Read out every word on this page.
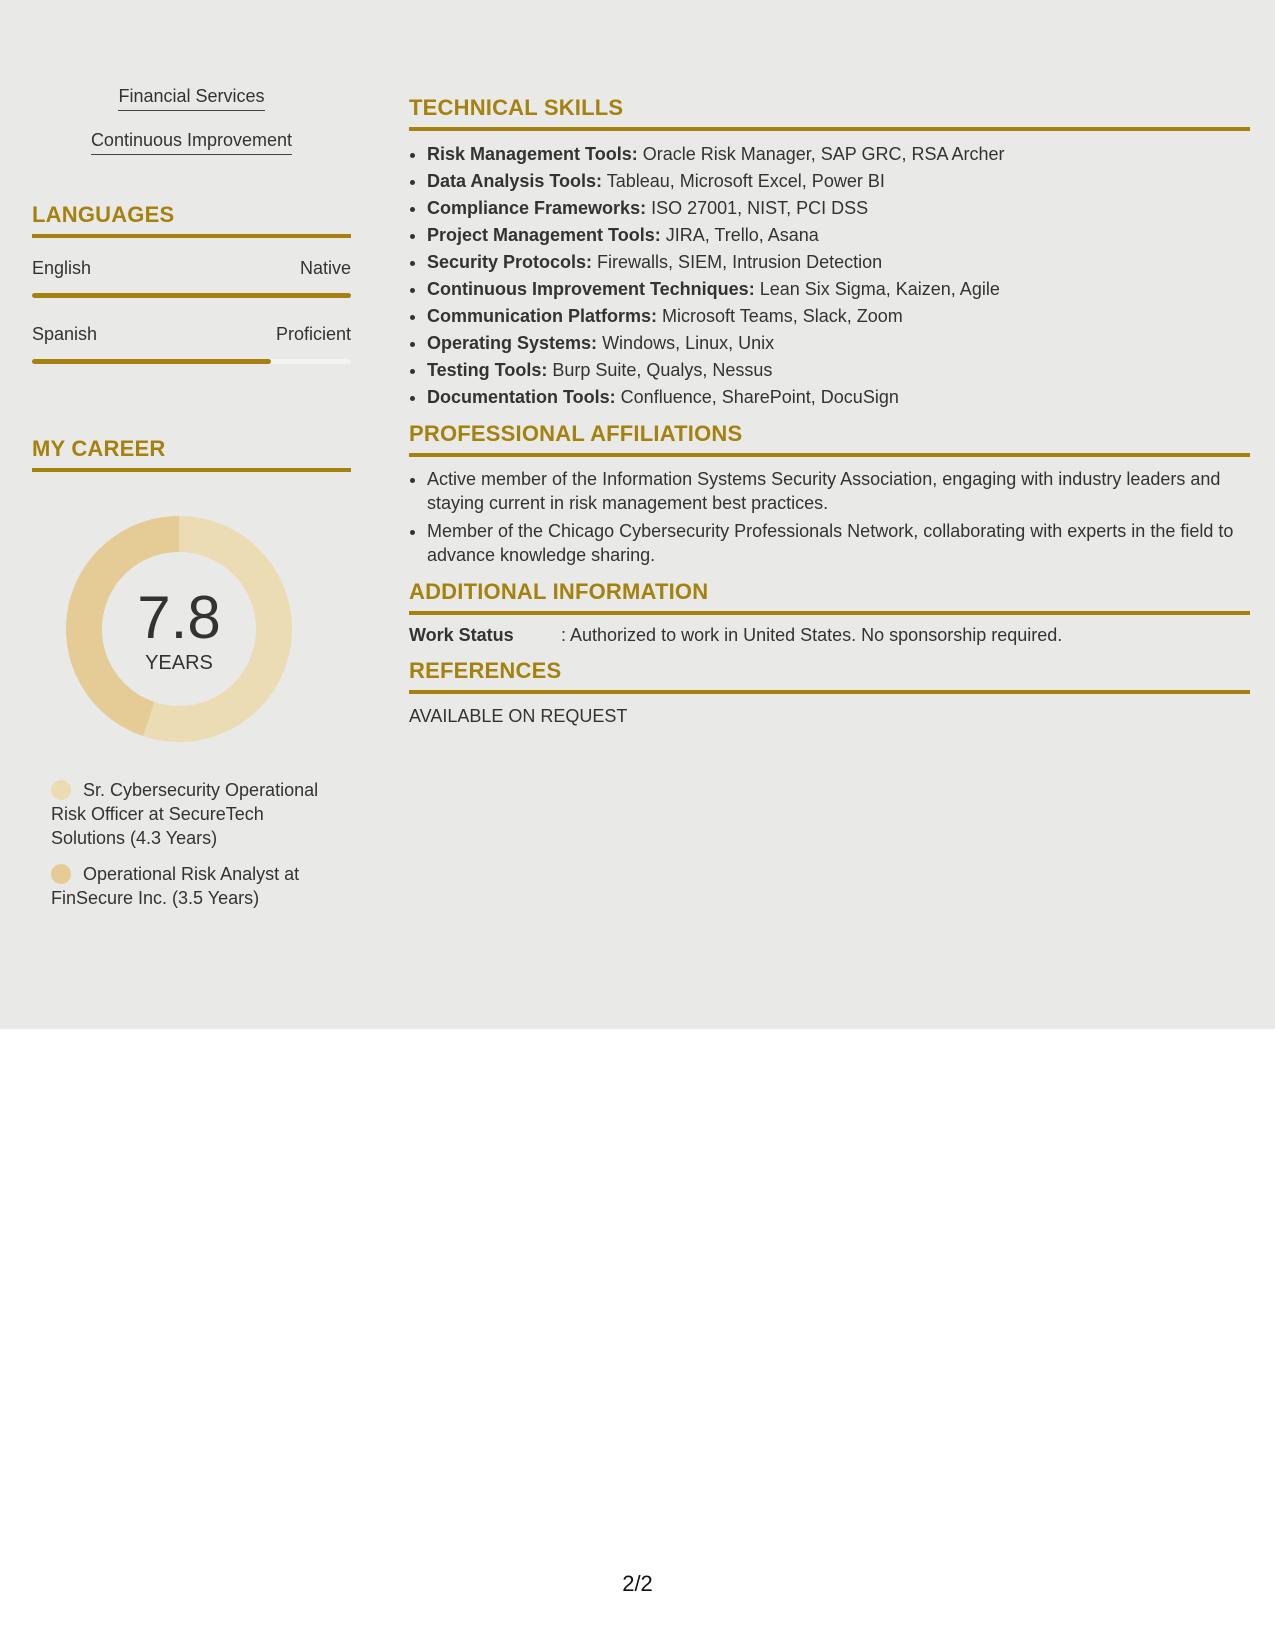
Financial Services
Continuous Improvement
LANGUAGES
English	Native
Spanish	Proficient
MY CAREER
7.8
YEARS
Sr. Cybersecurity Operational Risk Officer at SecureTech Solutions (4.3 Years)
Operational Risk Analyst at FinSecure Inc. (3.5 Years)
TECHNICAL SKILLS
• Risk Management Tools: Oracle Risk Manager, SAP GRC, RSA Archer
• Data Analysis Tools: Tableau, Microsoft Excel, Power BI
• Compliance Frameworks: ISO 27001, NIST, PCI DSS
• Project Management Tools: JIRA, Trello, Asana
• Security Protocols: Firewalls, SIEM, Intrusion Detection
• Continuous Improvement Techniques: Lean Six Sigma, Kaizen, Agile
• Communication Platforms: Microsoft Teams, Slack, Zoom
• Operating Systems: Windows, Linux, Unix
• Testing Tools: Burp Suite, Qualys, Nessus
• Documentation Tools: Confluence, SharePoint, DocuSign
PROFESSIONAL AFFILIATIONS
• Active member of the Information Systems Security Association, engaging with industry leaders and staying current in risk management best practices.
• Member of the Chicago Cybersecurity Professionals Network, collaborating with experts in the field to advance knowledge sharing.
ADDITIONAL INFORMATION
Work Status	: Authorized to work in United States. No sponsorship required.
REFERENCES
AVAILABLE ON REQUEST
2/2
